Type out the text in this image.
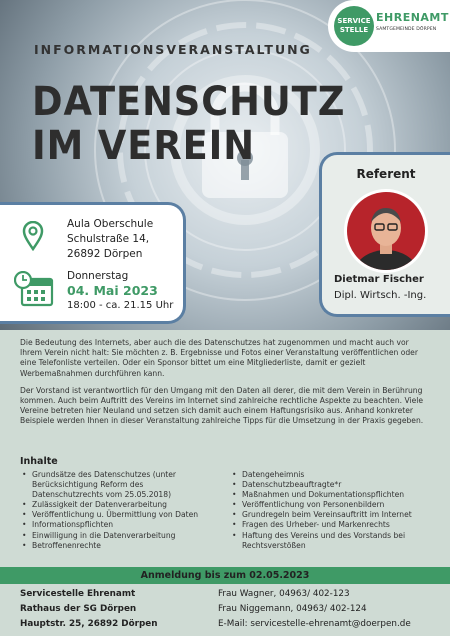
SERVICE STELLE
EHRENAMT
SAMTGEMEINDE DÖRPEN
INFORMATIONSVERANSTALTUNG
DATENSCHUTZ
IM VEREIN
Aula Oberschule
Schulstraße 14,
26892 Dörpen
Donnerstag
04. Mai 2023
18:00 - ca. 21.15 Uhr
Referent
Dietmar Fischer
Dipl. Wirtsch. -Ing.

Die Bedeutung des Internets, aber auch die des Datenschutzes hat zugenommen und macht auch vor Ihrem Verein nicht halt: Sie möchten z. B. Ergebnisse und Fotos einer Veranstaltung veröffentlichen oder eine Telefonliste verteilen. Oder ein Sponsor bittet um eine Mitgliederliste, damit er gezielt Werbemaßnahmen durchführen kann.

Der Vorstand ist verantwortlich für den Umgang mit den Daten all derer, die mit dem Verein in Berührung kommen. Auch beim Auftritt des Vereins im Internet sind zahlreiche rechtliche Aspekte zu beachten. Viele Vereine betreten hier Neuland und setzen sich damit auch einem Haftungsrisiko aus. Anhand konkreter Beispiele werden Ihnen in dieser Veranstaltung zahlreiche Tipps für die Umsetzung in der Praxis gegeben.

Inhalte
• Grundsätze des Datenschutzes (unter Berücksichtigung Reform des Datenschutzrechts vom 25.05.2018)
• Zulässigkeit der Datenverarbeitung
• Veröffentlichung u. Übermittlung von Daten
• Informationspflichten
• Einwilligung in die Datenverarbeitung
• Betroffenenrechte
• Datengeheimnis
• Datenschutzbeauftragte*r
• Maßnahmen und Dokumentationspflichten
• Veröffentlichung von Personenbildern
• Grundregeln beim Vereinsauftritt im Internet
• Fragen des Urheber- und Markenrechts
• Haftung des Vereins und des Vorstands bei Rechtsverstößen
Anmeldung bis zum 02.05.2023
Servicestelle Ehrenamt
Rathaus der SG Dörpen
Hauptstr. 25, 26892 Dörpen
Frau Wagner, 04963/ 402-123
Frau Niggemann, 04963/ 402-124
E-Mail: servicestelle-ehrenamt@doerpen.de
